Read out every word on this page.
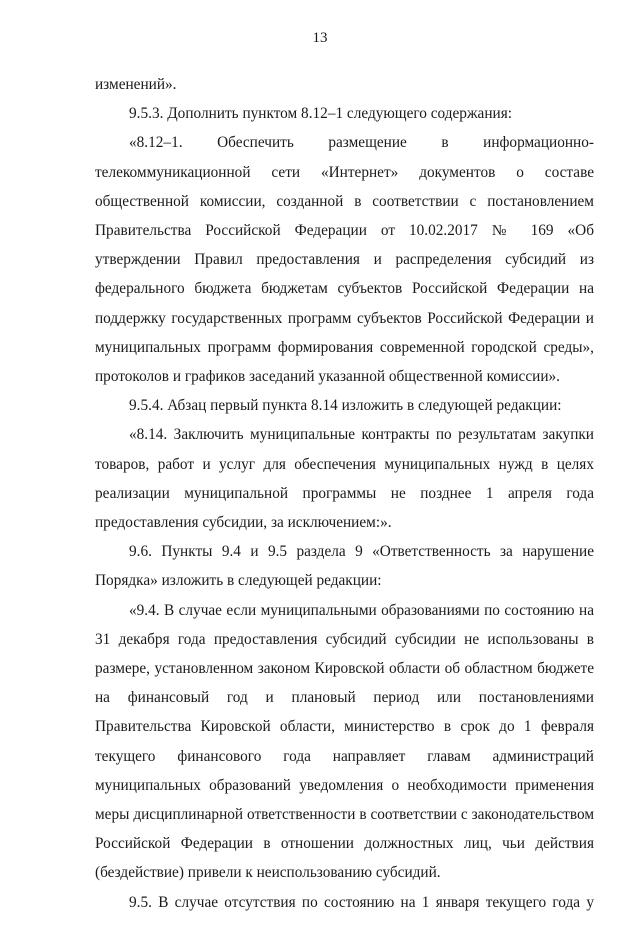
13

изменений».

9.5.3. Дополнить пунктом 8.12–1 следующего содержания:

«8.12–1. Обеспечить размещение в информационно-телекоммуникационной сети «Интернет» документов о составе общественной комиссии, созданной в соответствии с постановлением Правительства Российской Федерации от 10.02.2017 № 169 «Об утверждении Правил предоставления и распределения субсидий из федерального бюджета бюджетам субъектов Российской Федерации на поддержку государственных программ субъектов Российской Федерации и муниципальных программ формирования современной городской среды», протоколов и графиков заседаний указанной общественной комиссии».

9.5.4. Абзац первый пункта 8.14 изложить в следующей редакции:

«8.14. Заключить муниципальные контракты по результатам закупки товаров, работ и услуг для обеспечения муниципальных нужд в целях реализации муниципальной программы не позднее 1 апреля года предоставления субсидии, за исключением:».

9.6. Пункты 9.4 и 9.5 раздела 9 «Ответственность за нарушение Порядка» изложить в следующей редакции:

«9.4. В случае если муниципальными образованиями по состоянию на 31 декабря года предоставления субсидий субсидии не использованы в размере, установленном законом Кировской области об областном бюджете на финансовый год и плановый период или постановлениями Правительства Кировской области, министерство в срок до 1 февраля текущего финансового года направляет главам администраций муниципальных образований уведомления о необходимости применения меры дисциплинарной ответственности в соответствии с законодательством Российской Федерации в отношении должностных лиц, чьи действия (бездействие) привели к неиспользованию субсидий.

9.5. В случае отсутствия по состоянию на 1 января текущего года у
